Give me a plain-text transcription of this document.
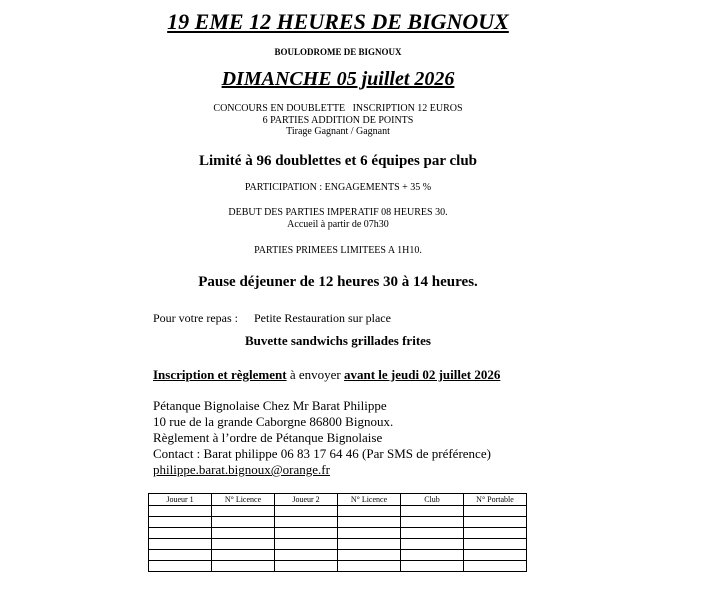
19 EME 12 HEURES DE BIGNOUX
BOULODROME DE BIGNOUX
DIMANCHE 05 juillet 2026
CONCOURS EN DOUBLETTE INSCRIPTION 12 EUROS
6 PARTIES ADDITION DE POINTS
Tirage Gagnant / Gagnant
Limité à 96 doublettes et 6 équipes par club
PARTICIPATION : ENGAGEMENTS + 35 %
DEBUT DES PARTIES IMPERATIF 08 HEURES 30.
Accueil à partir de 07h30
PARTIES PRIMEES LIMITEES A 1H10.
Pause déjeuner de 12 heures 30 à 14 heures.
Pour votre repas : Petite Restauration sur place
Buvette sandwichs grillades frites
Inscription et règlement à envoyer avant le jeudi 02 juillet 2026
Pétanque Bignolaise Chez Mr Barat Philippe
10 rue de la grande Caborgne 86800 Bignoux.
Règlement à l’ordre de Pétanque Bignolaise
Contact : Barat philippe 06 83 17 64 46 (Par SMS de préférence)
philippe.barat.bignoux@orange.fr
Joueur 1	N° Licence	Joueur 2	N° Licence	Club	N° Portable
